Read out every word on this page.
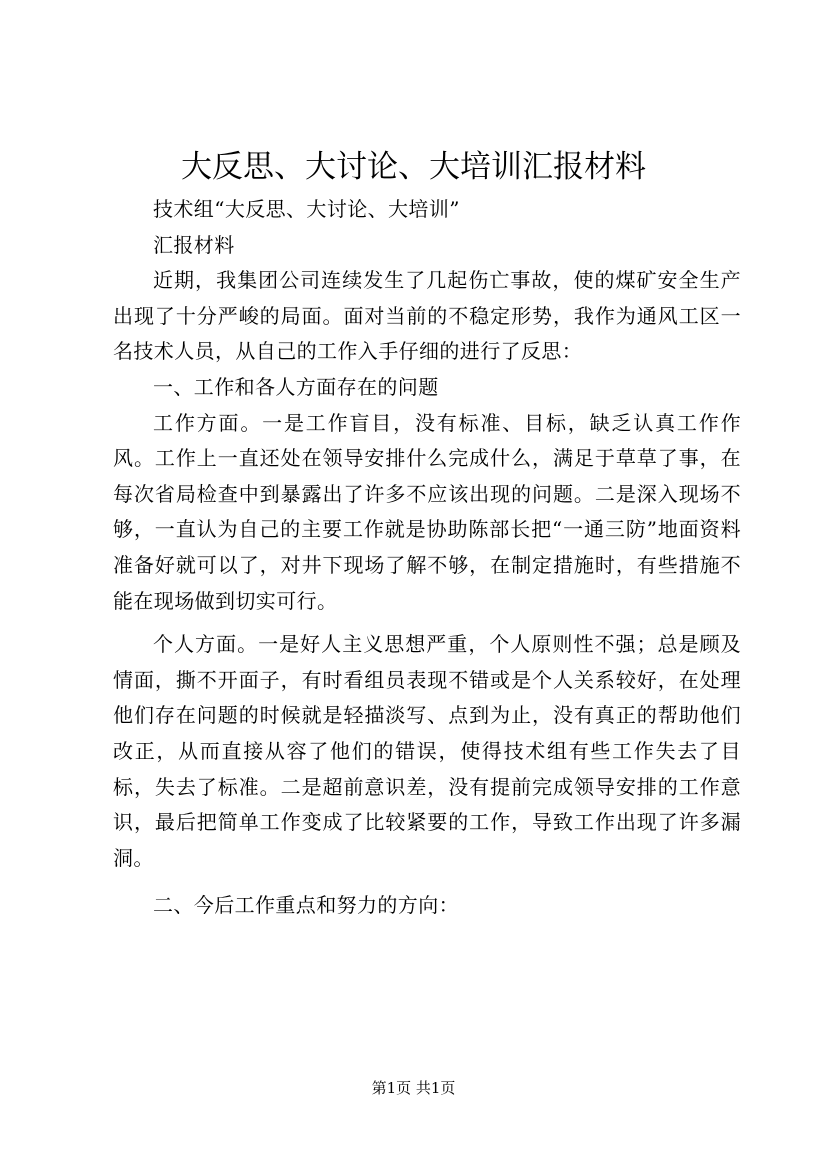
大反思、大讨论、大培训汇报材料

技术组“大反思、大讨论、大培训”

汇报材料

近期，我集团公司连续发生了几起伤亡事故，使的煤矿安全生产出现了十分严峻的局面。面对当前的不稳定形势，我作为通风工区一名技术人员，从自己的工作入手仔细的进行了反思：

一、工作和各人方面存在的问题

工作方面。一是工作盲目，没有标准、目标，缺乏认真工作作风。工作上一直还处在领导安排什么完成什么，满足于草草了事，在每次省局检查中到暴露出了许多不应该出现的问题。二是深入现场不够，一直认为自己的主要工作就是协助陈部长把“一通三防”地面资料准备好就可以了，对井下现场了解不够，在制定措施时，有些措施不能在现场做到切实可行。

个人方面。一是好人主义思想严重，个人原则性不强；总是顾及情面，撕不开面子，有时看组员表现不错或是个人关系较好，在处理他们存在问题的时候就是轻描淡写、点到为止，没有真正的帮助他们改正，从而直接从容了他们的错误，使得技术组有些工作失去了目标，失去了标准。二是超前意识差，没有提前完成领导安排的工作意识，最后把简单工作变成了比较紧要的工作，导致工作出现了许多漏洞。

二、今后工作重点和努力的方向：

第1页 共1页
